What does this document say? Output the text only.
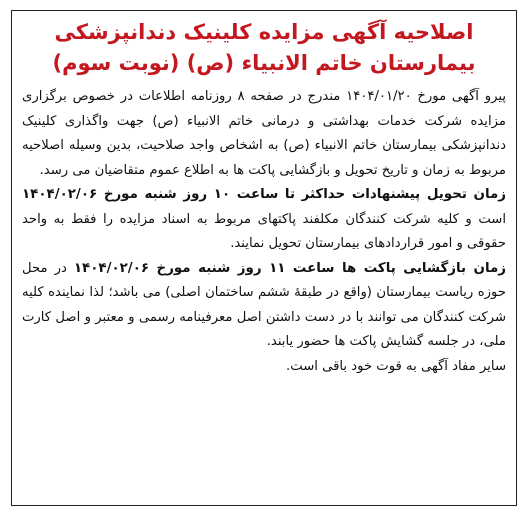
اصلاحیه آگهی مزایده کلینیک دندانپزشکی
بیمارستان خاتم الانبیاء (ص) (نوبت سوم)

پیرو آگهی مورخ ۱۴۰۴/۰۱/۲۰ مندرج در صفحه ۸ روزنامه اطلاعات در خصوص برگزاری مزایده شرکت خدمات بهداشتی و درمانی خاتم الانبیاء (ص) جهت واگذاری کلینیک دندانپزشکی بیمارستان خاتم الانبیاء (ص) به اشخاص واجد صلاحیت، بدین وسیله اصلاحیه مربوط به زمان و تاریخ تحویل و بازگشایی پاکت ها به اطلاع عموم متقاضیان می رسد.

زمان تحویل پیشنهادات حداکثر تا ساعت ۱۰ روز شنبه مورخ ۱۴۰۴/۰۲/۰۶ است و کلیه شرکت کنندگان مکلفند پاکتهای مربوط به اسناد مزایده را فقط به واحد حقوقی و امور قراردادهای بیمارستان تحویل نمایند.

زمان بازگشایی پاکت ها ساعت ۱۱ روز شنبه مورخ ۱۴۰۴/۰۲/۰۶ در محل حوزه ریاست بیمارستان (واقع در طبقهٔ ششم ساختمان اصلی) می باشد؛ لذا نماینده کلیه شرکت کنندگان می توانند با در دست داشتن اصل معرفینامه رسمی و معتبر و اصل کارت ملی، در جلسه گشایش پاکت ها حضور یابند.

سایر مفاد آگهی به قوت خود باقی است.
